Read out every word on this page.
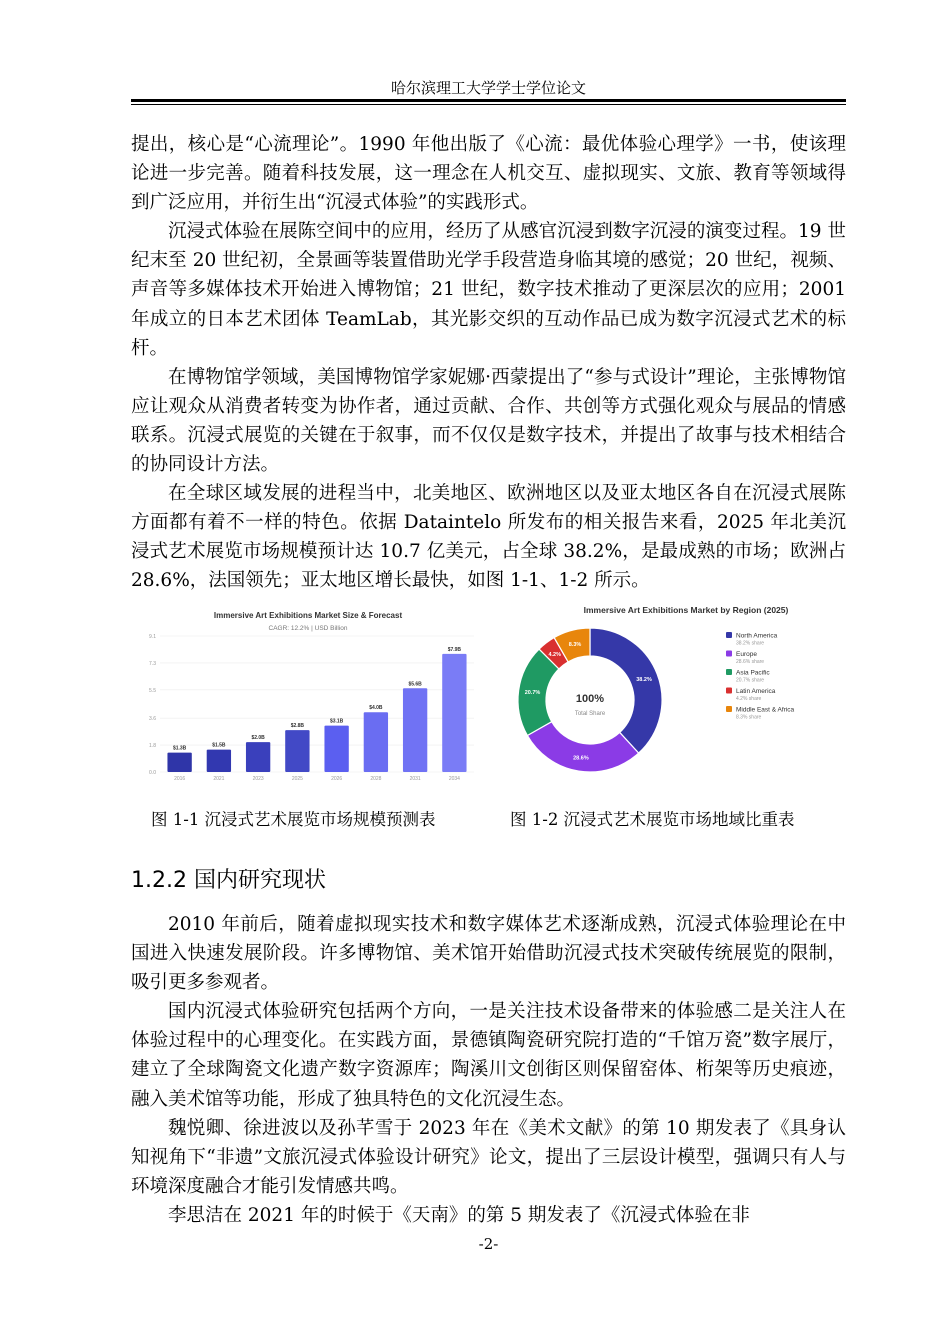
哈尔滨理工大学学士学位论文

提出，核心是“心流理论”。1990 年他出版了《心流：最优体验心理学》一书，使该理论进一步完善。随着科技发展，这一理念在人机交互、虚拟现实、文旅、教育等领域得到广泛应用，并衍生出“沉浸式体验”的实践形式。

沉浸式体验在展陈空间中的应用，经历了从感官沉浸到数字沉浸的演变过程。19 世纪末至 20 世纪初，全景画等装置借助光学手段营造身临其境的感觉；20 世纪，视频、声音等多媒体技术开始进入博物馆；21 世纪，数字技术推动了更深层次的应用；2001 年成立的日本艺术团体 TeamLab，其光影交织的互动作品已成为数字沉浸式艺术的标杆。

在博物馆学领域，美国博物馆学家妮娜·西蒙提出了“参与式设计”理论，主张博物馆应让观众从消费者转变为协作者，通过贡献、合作、共创等方式强化观众与展品的情感联系。沉浸式展览的关键在于叙事，而不仅仅是数字技术，并提出了故事与技术相结合的协同设计方法。

在全球区域发展的进程当中，北美地区、欧洲地区以及亚太地区各自在沉浸式展陈方面都有着不一样的特色。依据 Dataintelo 所发布的相关报告来看，2025 年北美沉浸式艺术展览市场规模预计达 10.7 亿美元，占全球 38.2%，是最成熟的市场；欧洲占 28.6%，法国领先；亚太地区增长最快，如图 1-1、1-2 所示。

Immersive Art Exhibitions Market Size & Forecast
CAGR: 12.2% | USD Billion
0.0
1.8
3.6
5.5
7.3
9.1
$1.3B
2016
$1.5B
2021
$2.0B
2023
$2.8B
2025
$3.1B
2026
$4.0B
2028
$5.6B
2031
$7.9B
2034
Immersive Art Exhibitions Market by Region (2025)
38.2%
28.6%
20.7%
4.2%
8.3%
100%
Total Share
North America
38.2% share
Europe
28.6% share
Asia Pacific
20.7% share
Latin America
4.2% share
Middle East & Africa
8.3% share
图 1-1 沉浸式艺术展览市场规模预测表	图 1-2 沉浸式艺术展览市场地域比重表
1.2.2 国内研究现状

2010 年前后，随着虚拟现实技术和数字媒体艺术逐渐成熟，沉浸式体验理论在中国进入快速发展阶段。许多博物馆、美术馆开始借助沉浸式技术突破传统展览的限制，吸引更多参观者。

国内沉浸式体验研究包括两个方向，一是关注技术设备带来的体验感二是关注人在体验过程中的心理变化。在实践方面，景德镇陶瓷研究院打造的“千馆万瓷”数字展厅，建立了全球陶瓷文化遗产数字资源库；陶溪川文创街区则保留窑体、桁架等历史痕迹，融入美术馆等功能，形成了独具特色的文化沉浸生态。

魏悦卿、徐进波以及孙芊雪于 2023 年在《美术文献》的第 10 期发表了《具身认知视角下“非遗”文旅沉浸式体验设计研究》论文，提出了三层设计模型，强调只有人与环境深度融合才能引发情感共鸣。

李思洁在 2021 年的时候于《天南》的第 5 期发表了《沉浸式体验在非

-2-
